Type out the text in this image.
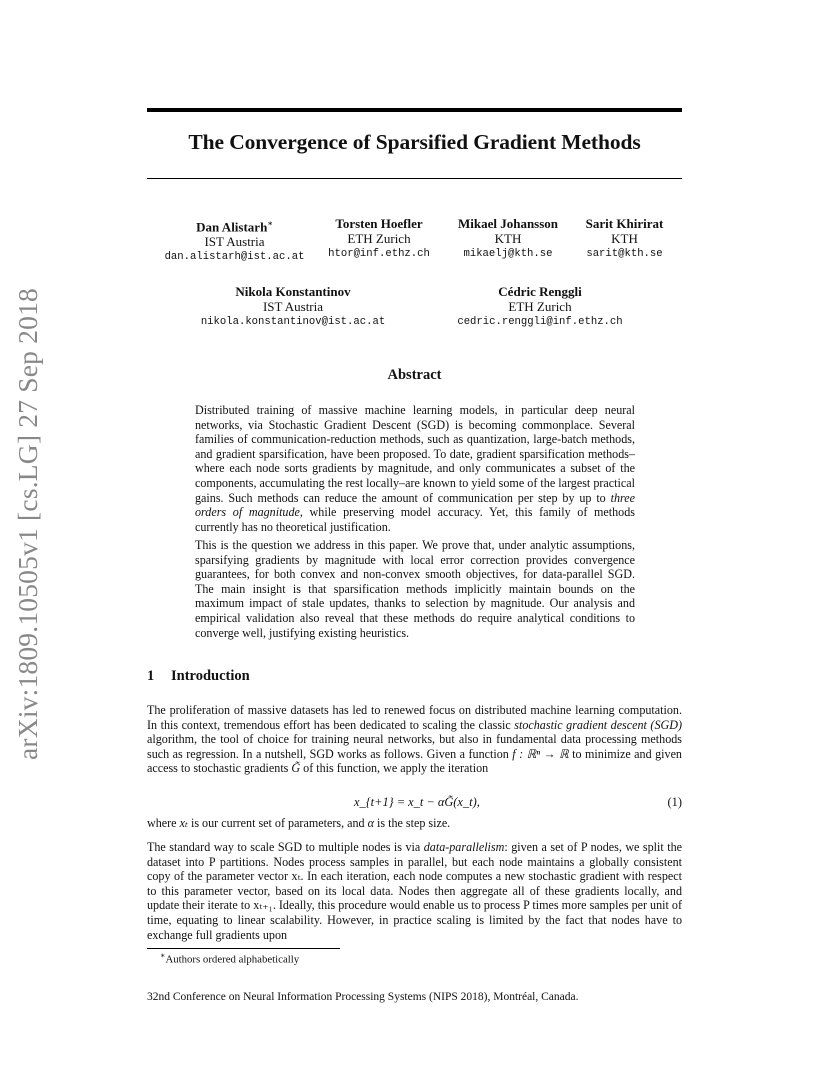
arXiv:1809.10505v1 [cs.LG] 27 Sep 2018
The Convergence of Sparsified Gradient Methods
Dan Alistarh∗
IST Austria
dan.alistarh@ist.ac.at
Torsten Hoefler
ETH Zurich
htor@inf.ethz.ch
Mikael Johansson
KTH
mikaelj@kth.se
Sarit Khirirat
KTH
sarit@kth.se
Nikola Konstantinov
IST Austria
nikola.konstantinov@ist.ac.at
Cédric Renggli
ETH Zurich
cedric.renggli@inf.ethz.ch
Abstract
Distributed training of massive machine learning models, in particular deep neural networks, via Stochastic Gradient Descent (SGD) is becoming commonplace. Several families of communication-reduction methods, such as quantization, large-batch methods, and gradient sparsification, have been proposed. To date, gradient sparsification methods–where each node sorts gradients by magnitude, and only communicates a subset of the components, accumulating the rest locally–are known to yield some of the largest practical gains. Such methods can reduce the amount of communication per step by up to three orders of magnitude, while preserving model accuracy. Yet, this family of methods currently has no theoretical justification.
This is the question we address in this paper. We prove that, under analytic assumptions, sparsifying gradients by magnitude with local error correction provides convergence guarantees, for both convex and non-convex smooth objectives, for data-parallel SGD. The main insight is that sparsification methods implicitly maintain bounds on the maximum impact of stale updates, thanks to selection by magnitude. Our analysis and empirical validation also reveal that these methods do require analytical conditions to converge well, justifying existing heuristics.
1 Introduction
The proliferation of massive datasets has led to renewed focus on distributed machine learning computation. In this context, tremendous effort has been dedicated to scaling the classic stochastic gradient descent (SGD) algorithm, the tool of choice for training neural networks, but also in fundamental data processing methods such as regression. In a nutshell, SGD works as follows. Given a function f : ℝⁿ → ℝ to minimize and given access to stochastic gradients G̃ of this function, we apply the iteration
x_{t+1} = x_t − αG̃(x_t),	(1)
where xₜ is our current set of parameters, and α is the step size.
The standard way to scale SGD to multiple nodes is via data-parallelism: given a set of P nodes, we split the dataset into P partitions. Nodes process samples in parallel, but each node maintains a globally consistent copy of the parameter vector xₜ. In each iteration, each node computes a new stochastic gradient with respect to this parameter vector, based on its local data. Nodes then aggregate all of these gradients locally, and update their iterate to xₜ₊₁. Ideally, this procedure would enable us to process P times more samples per unit of time, equating to linear scalability. However, in practice scaling is limited by the fact that nodes have to exchange full gradients upon
∗Authors ordered alphabetically
32nd Conference on Neural Information Processing Systems (NIPS 2018), Montréal, Canada.
